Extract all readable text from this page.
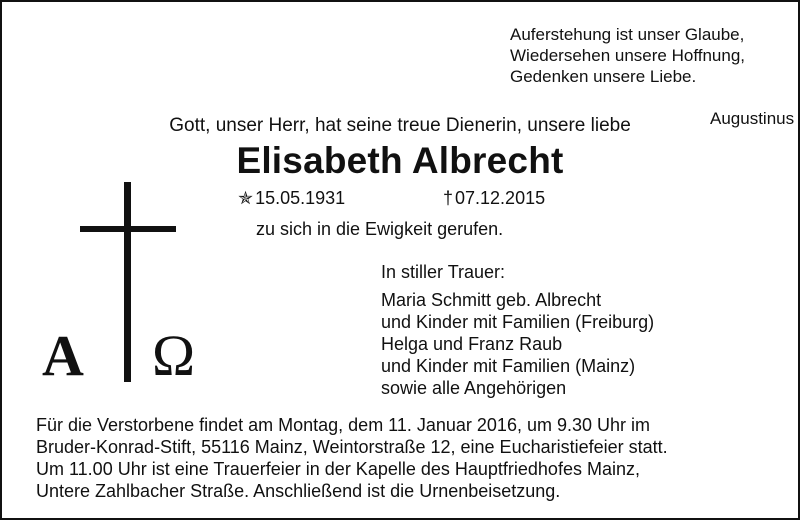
Auferstehung ist unser Glaube,
Wiedersehen unsere Hoffnung,
Gedenken unsere Liebe.
Augustinus
Gott, unser Herr, hat seine treue Dienerin, unsere liebe
Elisabeth Albrecht
✯ 15.05.1931	† 07.12.2015
zu sich in die Ewigkeit gerufen.
A Ω
In stiller Trauer:
Maria Schmitt geb. Albrecht
und Kinder mit Familien (Freiburg)
Helga und Franz Raub
und Kinder mit Familien (Mainz)
sowie alle Angehörigen
Für die Verstorbene findet am Montag, dem 11. Januar 2016, um 9.30 Uhr im
Bruder-Konrad-Stift, 55116 Mainz, Weintorstraße 12, eine Eucharistiefeier statt.
Um 11.00 Uhr ist eine Trauerfeier in der Kapelle des Hauptfriedhofes Mainz,
Untere Zahlbacher Straße. Anschließend ist die Urnenbeisetzung.
